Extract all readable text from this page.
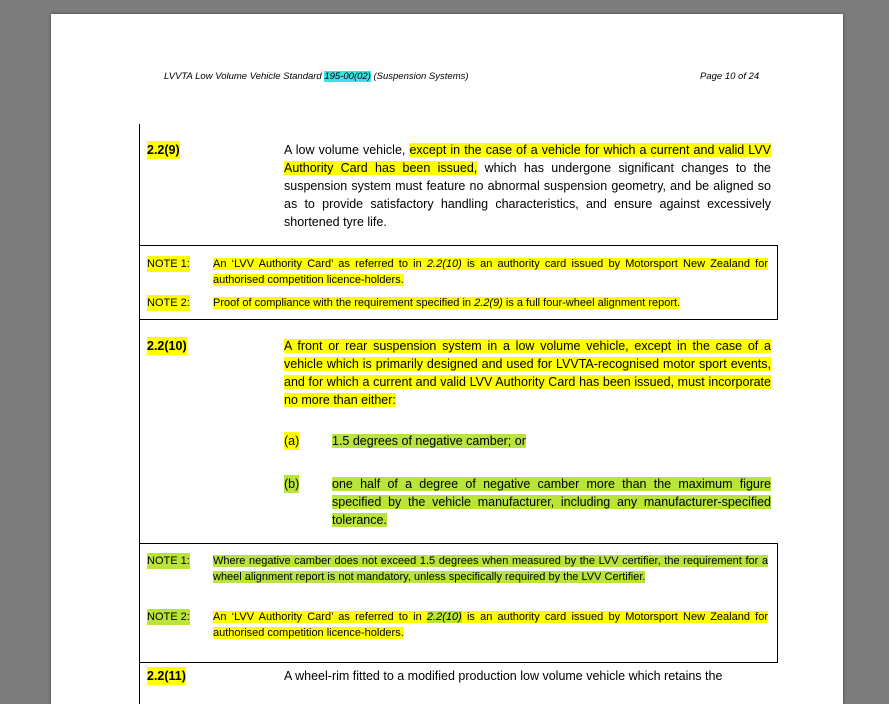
LVVTA Low Volume Vehicle Standard 195-00(02) (Suspension Systems)	Page 10 of 24
2.2(9)	A low volume vehicle, except in the case of a vehicle for which a current and valid LVV Authority Card has been issued, which has undergone significant changes to the suspension system must feature no abnormal suspension geometry, and be aligned so as to provide satisfactory handling characteristics, and ensure against excessively shortened tyre life.
NOTE 1: An ‘LVV Authority Card’ as referred to in 2.2(10) is an authority card issued by Motorsport New Zealand for authorised competition licence-holders.
NOTE 2: Proof of compliance with the requirement specified in 2.2(9) is a full four-wheel alignment report.
2.2(10)	A front or rear suspension system in a low volume vehicle, except in the case of a vehicle which is primarily designed and used for LVVTA-recognised motor sport events, and for which a current and valid LVV Authority Card has been issued, must incorporate no more than either:
(a)	1.5 degrees of negative camber; or
(b)	one half of a degree of negative camber more than the maximum figure specified by the vehicle manufacturer, including any manufacturer-specified tolerance.
NOTE 1: Where negative camber does not exceed 1.5 degrees when measured by the LVV certifier, the requirement for a wheel alignment report is not mandatory, unless specifically required by the LVV Certifier.
NOTE 2: An ‘LVV Authority Card’ as referred to in 2.2(10) is an authority card issued by Motorsport New Zealand for authorised competition licence-holders.
2.2(11)	A wheel-rim fitted to a modified production low volume vehicle which retains the
